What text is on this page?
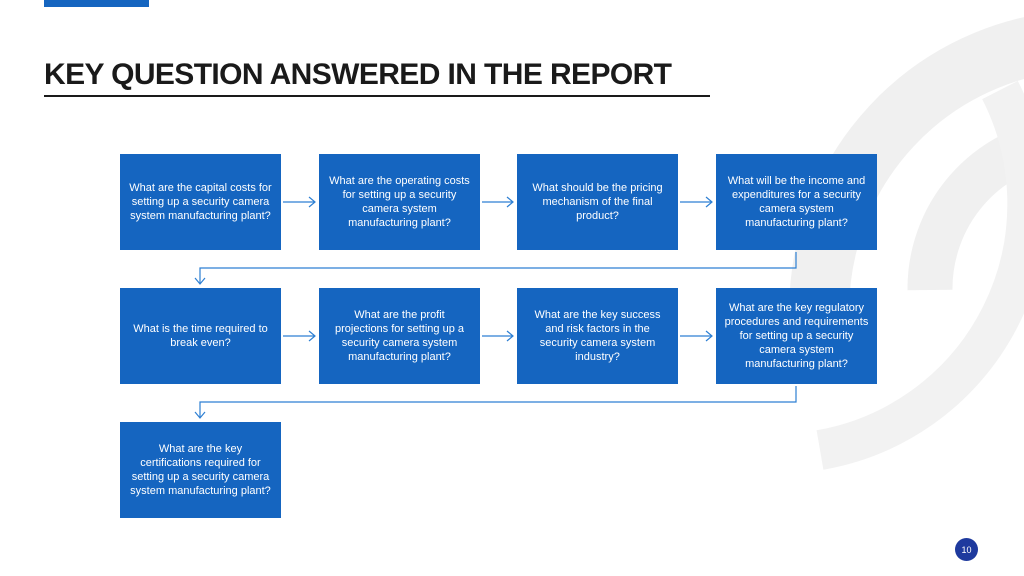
KEY QUESTION ANSWERED IN THE REPORT
What are the capital costs for setting up a security camera system manufacturing plant?
What are the operating costs for setting up a security camera system manufacturing plant?
What should be the pricing mechanism of the final product?
What will be the income and expenditures for a security camera system manufacturing plant?
What is the time required to break even?
What are the profit projections for setting up a security camera system manufacturing plant?
What are the key success and risk factors in the security camera system industry?
What are the key regulatory procedures and requirements for setting up a security camera system manufacturing plant?
What are the key certifications required for setting up a security camera system manufacturing plant?
10
